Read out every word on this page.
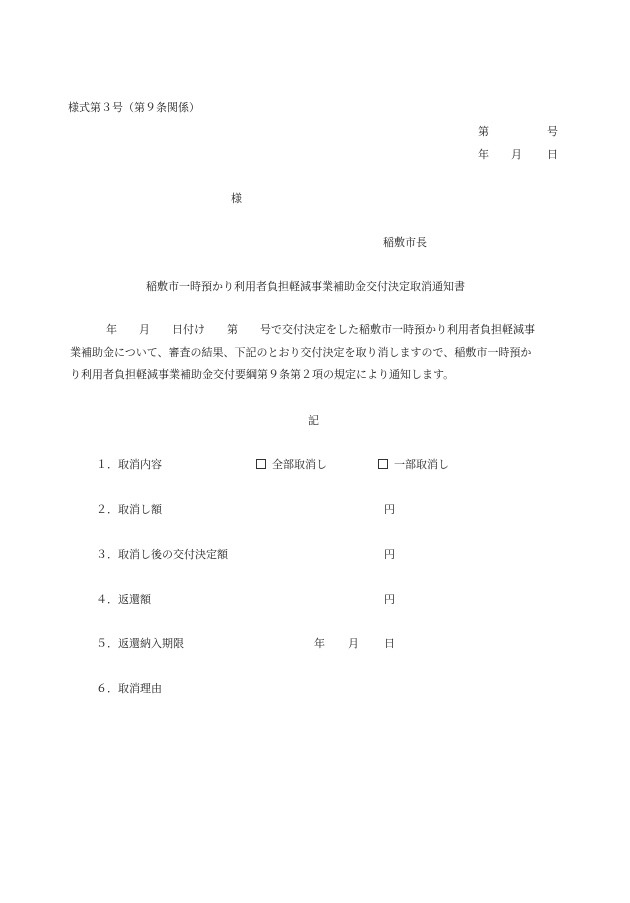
様式第３号（第９条関係）
第	号
年 月 日
様
稲敷市長
稲敷市一時預かり利用者負担軽減事業補助金交付決定取消通知書
年　　月　　日付け　　第　　号で交付決定をした稲敷市一時預かり利用者負担軽減事
業補助金について、審査の結果、下記のとおり交付決定を取り消しますので、稲敷市一時預か
り利用者負担軽減事業補助金交付要綱第９条第２項の規定により通知します。
記
１．取消内容	全部取消し	一部取消し
２．取消し額	円
３．取消し後の交付決定額	円
４．返還額	円
５．返還納入期限	年 月 日
６．取消理由
